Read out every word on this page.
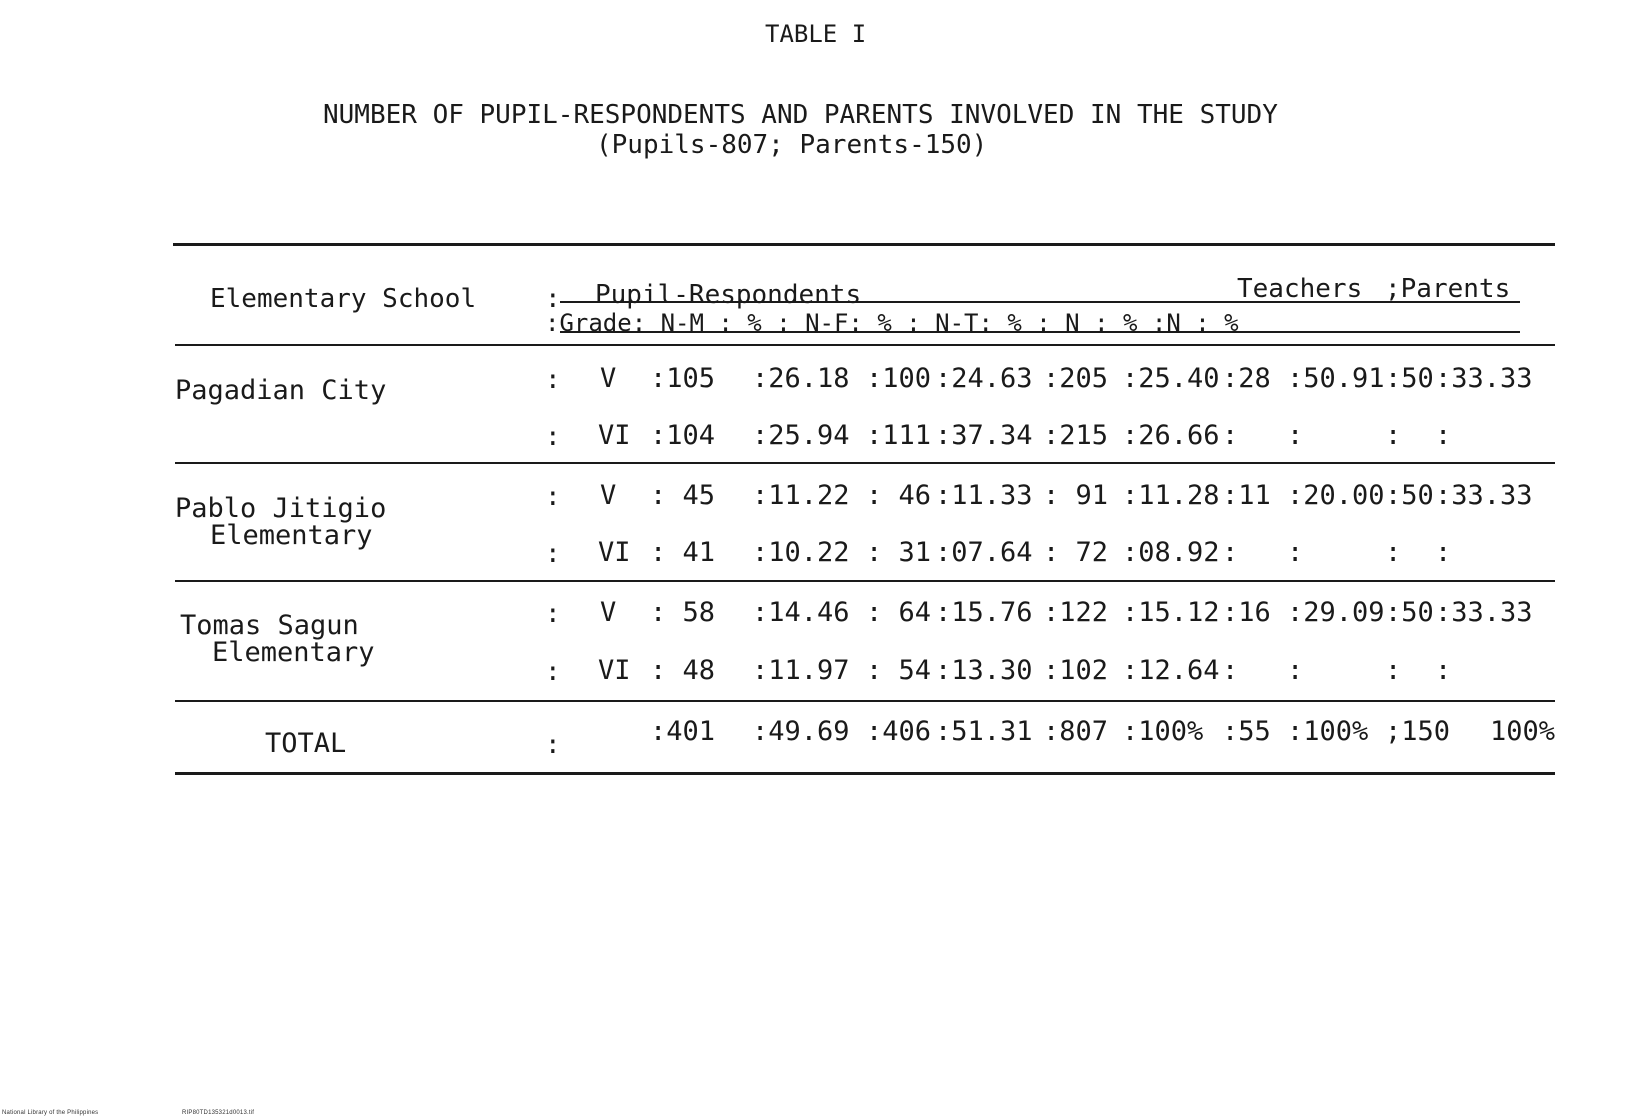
TABLE I
NUMBER OF PUPIL-RESPONDENTS AND PARENTS INVOLVED IN THE STUDY
(Pupils-807; Parents-150)
Elementary School	: Pupil-Respondents	Teachers ;Parents
:Grade: N-M : % : N-F: % : N-T: % : N : % :N : %
Pagadian City	: V :105 :26.18 :100 :24.63 :205 :25.40 :28 :50.91 :50 :33.33
: VI :104 :25.94 :111 :37.34 :215 :26.66 : :	: :
Pablo Jitigio
Elementary
: V : 45 :11.22 : 46 :11.33 : 91 :11.28 :11 :20.00 :50 :33.33
: VI : 41 :10.22 : 31 :07.64 : 72 :08.92 : :	: :
Tomas Sagun
Elementary
: V : 58 :14.46 : 64 :15.76 :122 :15.12 :16 :29.09 :50 :33.33
: VI : 48 :11.97 : 54 :13.30 :102 :12.64 : :	: :
TOTAL	:	:401 :49.69 :406 :51.31 :807 :100% :55 :100% ;150 100%
National Library of the Philippines	RIP80TD135321d0013.tif
